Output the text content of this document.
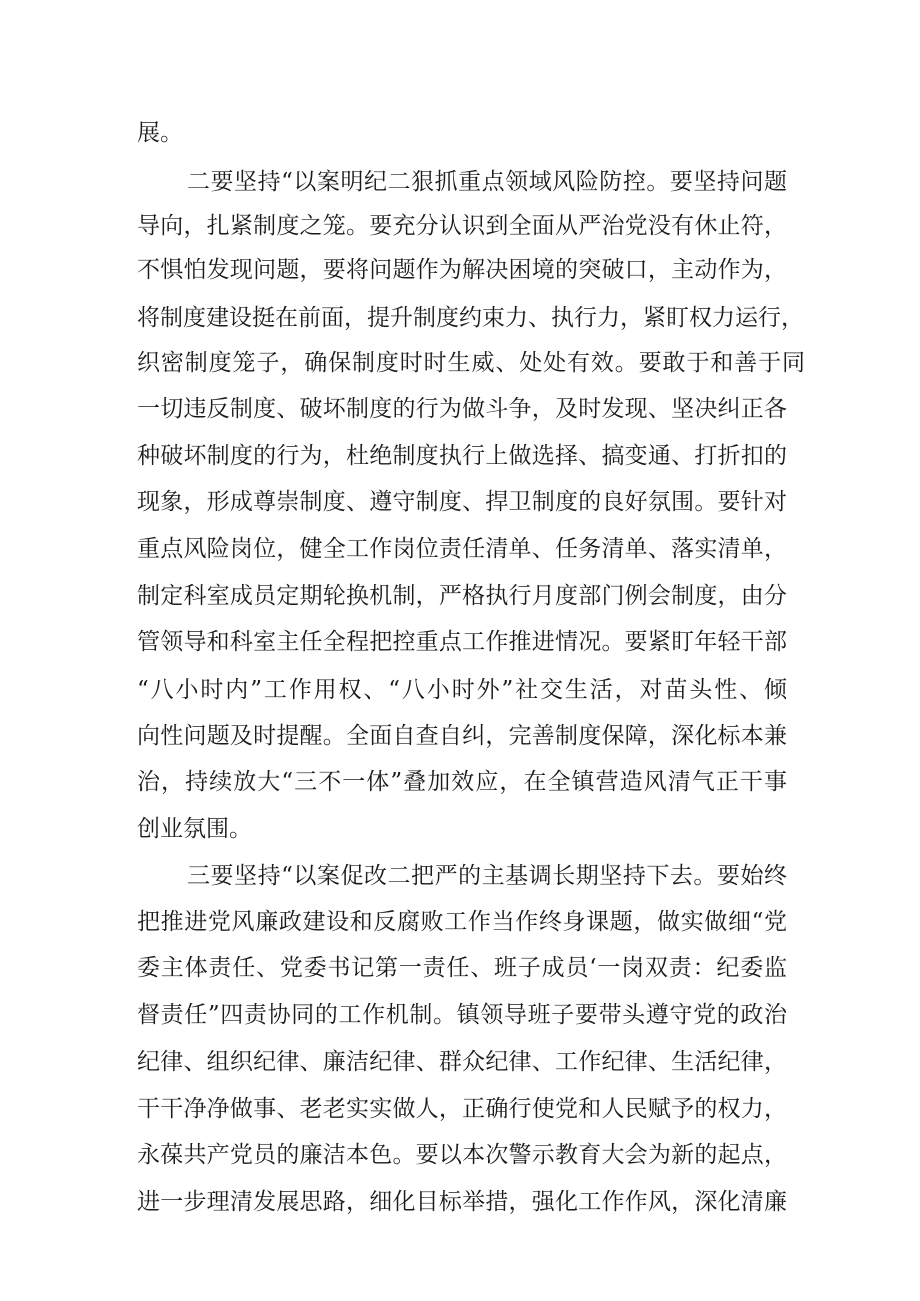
展。
二要坚持“以案明纪二狠抓重点领域风险防控。要坚持问题
导向，扎紧制度之笼。要充分认识到全面从严治党没有休止符，
不惧怕发现问题，要将问题作为解决困境的突破口，主动作为，
将制度建设挺在前面，提升制度约束力、执行力，紧盯权力运行，
织密制度笼子，确保制度时时生威、处处有效。要敢于和善于同
一切违反制度、破坏制度的行为做斗争，及时发现、坚决纠正各
种破坏制度的行为，杜绝制度执行上做选择、搞变通、打折扣的
现象，形成尊崇制度、遵守制度、捍卫制度的良好氛围。要针对
重点风险岗位，健全工作岗位责任清单、任务清单、落实清单，
制定科室成员定期轮换机制，严格执行月度部门例会制度，由分
管领导和科室主任全程把控重点工作推进情况。要紧盯年轻干部
“八小时内”工作用权、“八小时外”社交生活，对苗头性、倾
向性问题及时提醒。全面自查自纠，完善制度保障，深化标本兼
治，持续放大“三不一体”叠加效应，在全镇营造风清气正干事
创业氛围。
三要坚持“以案促改二把严的主基调长期坚持下去。要始终
把推进党风廉政建设和反腐败工作当作终身课题，做实做细“党
委主体责任、党委书记第一责任、班子成员‘一岗双责：纪委监
督责任”四责协同的工作机制。镇领导班子要带头遵守党的政治
纪律、组织纪律、廉洁纪律、群众纪律、工作纪律、生活纪律，
干干净净做事、老老实实做人，正确行使党和人民赋予的权力，
永葆共产党员的廉洁本色。要以本次警示教育大会为新的起点，
进一步理清发展思路，细化目标举措，强化工作作风，深化清廉
